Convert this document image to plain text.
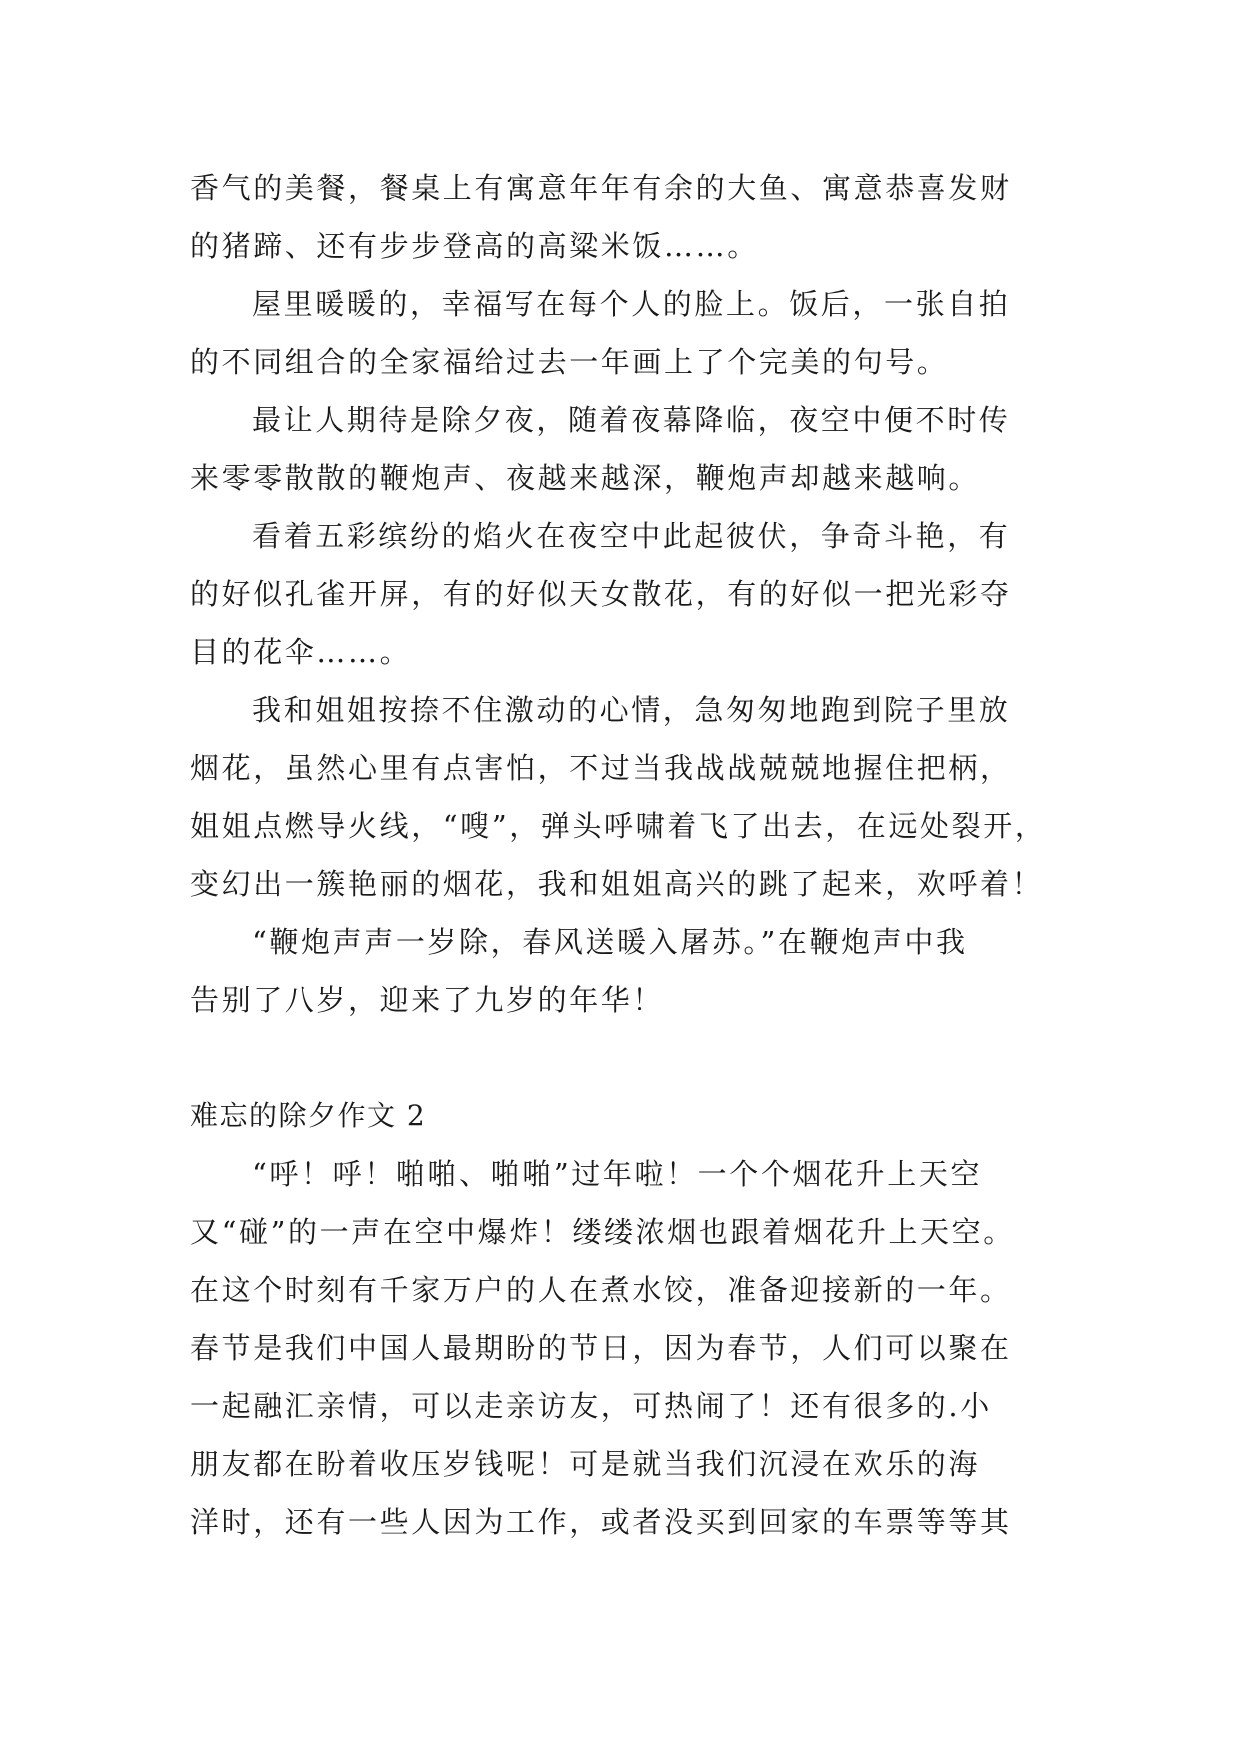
香气的美餐，餐桌上有寓意年年有余的大鱼、寓意恭喜发财
的猪蹄、还有步步登高的高粱米饭……。
屋里暖暖的，幸福写在每个人的脸上。饭后，一张自拍
的不同组合的全家福给过去一年画上了个完美的句号。
最让人期待是除夕夜，随着夜幕降临，夜空中便不时传
来零零散散的鞭炮声、夜越来越深，鞭炮声却越来越响。
看着五彩缤纷的焰火在夜空中此起彼伏，争奇斗艳，有
的好似孔雀开屏，有的好似天女散花，有的好似一把光彩夺
目的花伞……。
我和姐姐按捺不住激动的心情，急匆匆地跑到院子里放
烟花，虽然心里有点害怕，不过当我战战兢兢地握住把柄，
姐姐点燃导火线，“嗖”，弹头呼啸着飞了出去，在远处裂开，
变幻出一簇艳丽的烟花，我和姐姐高兴的跳了起来，欢呼着！
“鞭炮声声一岁除，春风送暖入屠苏。”在鞭炮声中我
告别了八岁，迎来了九岁的年华！
难忘的除夕作文 2
“呼！呼！啪啪、啪啪”过年啦！一个个烟花升上天空
又“碰”的一声在空中爆炸！缕缕浓烟也跟着烟花升上天空。
在这个时刻有千家万户的人在煮水饺，准备迎接新的一年。
春节是我们中国人最期盼的节日，因为春节，人们可以聚在
一起融汇亲情，可以走亲访友，可热闹了！还有很多的.小
朋友都在盼着收压岁钱呢！可是就当我们沉浸在欢乐的海
洋时，还有一些人因为工作，或者没买到回家的车票等等其
